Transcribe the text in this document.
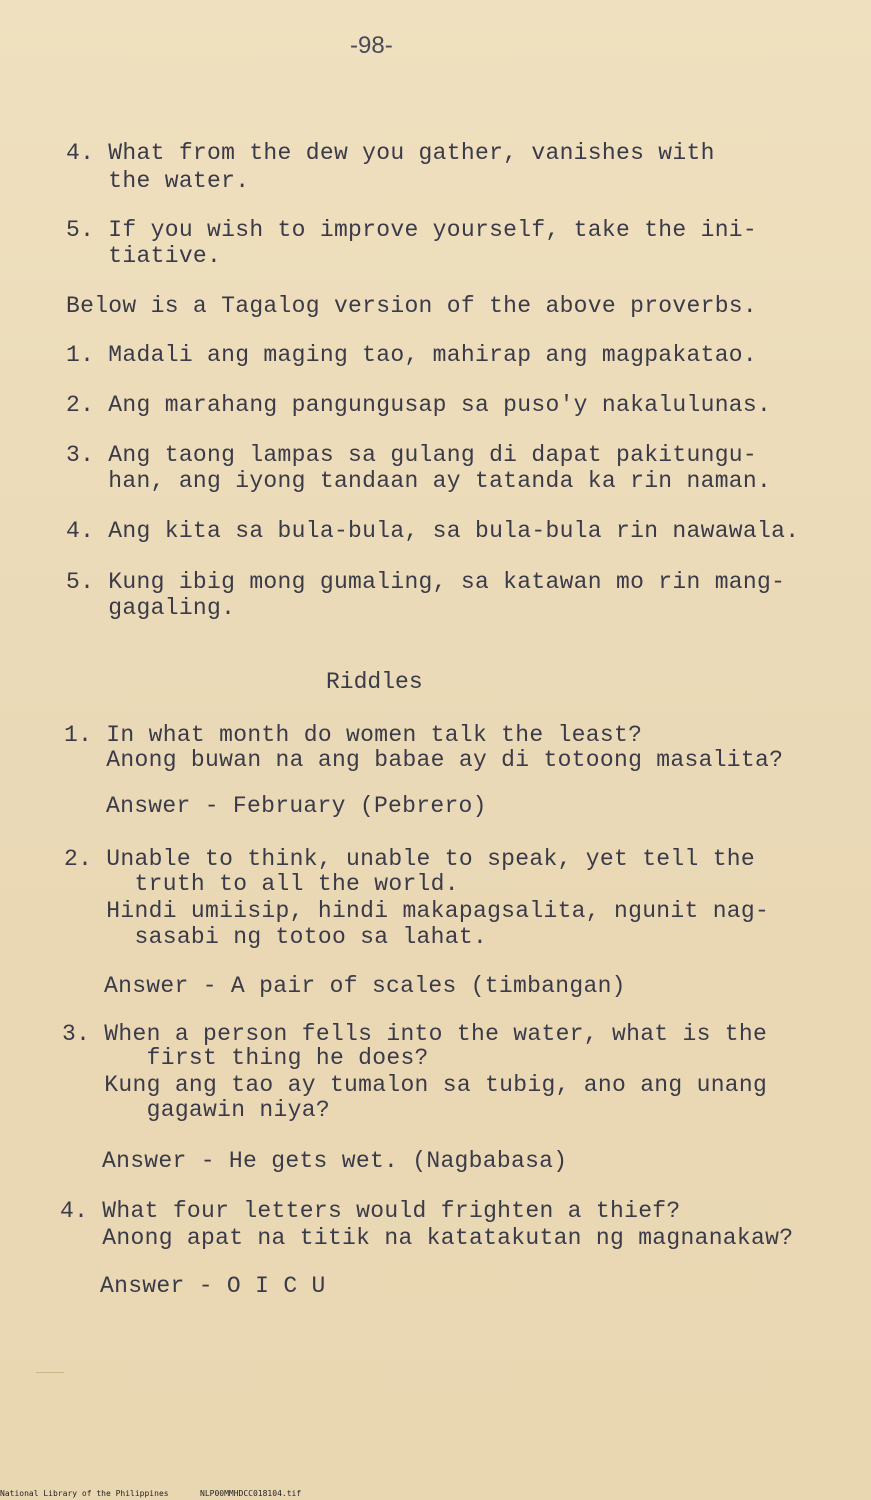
-98-

4. What from the dew you gather, vanishes with

the water.

5. If you wish to improve yourself, take the ini-

tiative.

Below is a Tagalog version of the above proverbs.

1. Madali ang maging tao, mahirap ang magpakatao.

2. Ang marahang pangungusap sa puso'y nakalulunas.

3. Ang taong lampas sa gulang di dapat pakitungu-

han, ang iyong tandaan ay tatanda ka rin naman.

4. Ang kita sa bula-bula, sa bula-bula rin nawawala.

5. Kung ibig mong gumaling, sa katawan mo rin mang-

gagaling.

Riddles

1. In what month do women talk the least?

Anong buwan na ang babae ay di totoong masalita?

Answer - February (Pebrero)

2. Unable to think, unable to speak, yet tell the

truth to all the world.

Hindi umiisip, hindi makapagsalita, ngunit nag-

sasabi ng totoo sa lahat.

Answer - A pair of scales (timbangan)

3. When a person fells into the water, what is the

first thing he does?

Kung ang tao ay tumalon sa tubig, ano ang unang

gagawin niya?

Answer - He gets wet. (Nagbabasa)

4. What four letters would frighten a thief?

Anong apat na titik na katatakutan ng magnanakaw?

Answer - O I C U

National Library of the Philippines	NLP00MMHDCC018104.tif
